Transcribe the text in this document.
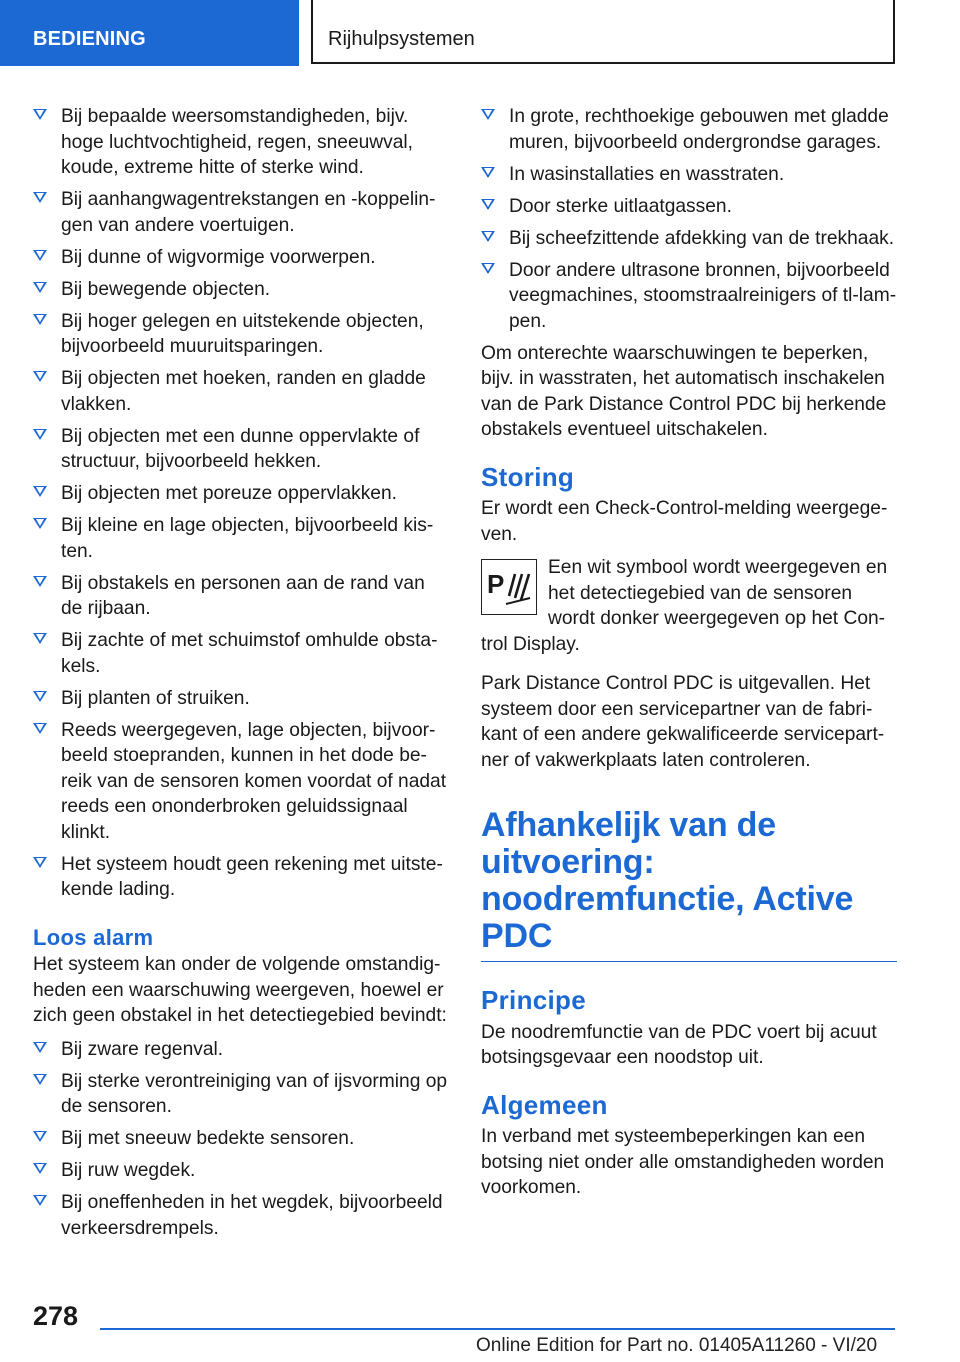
BEDIENING	Rijhulpsystemen
Bij bepaalde weersomstandigheden, bijv. hoge luchtvochtigheid, regen, sneeuwval, koude, extreme hitte of sterke wind.
Bij aanhangwagentrekstangen en -koppelingen van andere voertuigen.
Bij dunne of wigvormige voorwerpen.
Bij bewegende objecten.
Bij hoger gelegen en uitstekende objecten, bijvoorbeeld muuruitsparingen.
Bij objecten met hoeken, randen en gladde vlakken.
Bij objecten met een dunne oppervlakte of structuur, bijvoorbeeld hekken.
Bij objecten met poreuze oppervlakken.
Bij kleine en lage objecten, bijvoorbeeld kisten.
Bij obstakels en personen aan de rand van de rijbaan.
Bij zachte of met schuimstof omhulde obstakels.
Bij planten of struiken.
Reeds weergegeven, lage objecten, bijvoorbeeld stoepranden, kunnen in het dode bereik van de sensoren komen voordat of nadat reeds een ononderbroken geluidssignaal klinkt.
Het systeem houdt geen rekening met uitstekende lading.
Loos alarm

Het systeem kan onder de volgende omstandigheden een waarschuwing weergeven, hoewel er zich geen obstakel in het detectiegebied bevindt:

Bij zware regenval.
Bij sterke verontreiniging van of ijsvorming op de sensoren.
Bij met sneeuw bedekte sensoren.
Bij ruw wegdek.
Bij oneffenheden in het wegdek, bijvoorbeeld verkeersdrempels.
In grote, rechthoekige gebouwen met gladde muren, bijvoorbeeld ondergrondse garages.
In wasinstallaties en wasstraten.
Door sterke uitlaatgassen.
Bij scheefzittende afdekking van de trekhaak.
Door andere ultrasone bronnen, bijvoorbeeld veegmachines, stoomstraalreinigers of tl-lampen.

Om onterechte waarschuwingen te beperken, bijv. in wasstraten, het automatisch inschakelen van de Park Distance Control PDC bij herkende obstakels eventueel uitschakelen.

Storing

Er wordt een Check-Control-melding weergegeven.

P
Een wit symbool wordt weergegeven en het detectiegebied van de sensoren wordt donker weergegeven op het Control Display.

Park Distance Control PDC is uitgevallen. Het systeem door een servicepartner van de fabrikant of een andere gekwalificeerde servicepartner of vakwerkplaats laten controleren.

Afhankelijk van de uitvoering: noodremfunctie, Active PDC
Principe

De noodremfunctie van de PDC voert bij acuut botsingsgevaar een noodstop uit.

Algemeen

In verband met systeembeperkingen kan een botsing niet onder alle omstandigheden worden voorkomen.

278
Online Edition for Part no. 01405A11260 - VI/20
